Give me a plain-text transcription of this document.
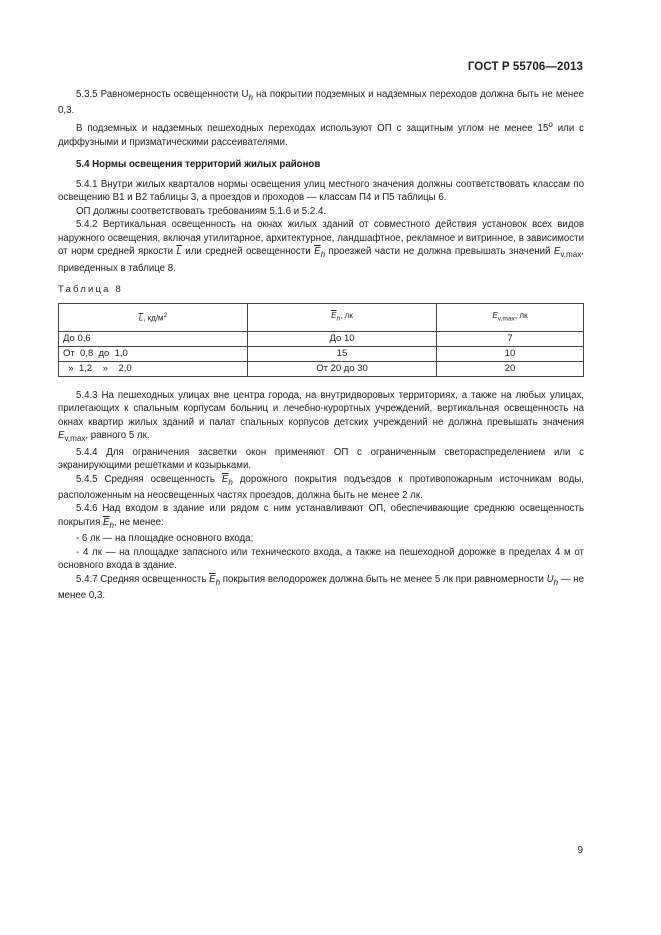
ГОСТ Р 55706—2013

5.3.5 Равномерность освещенности $U_h$ на покрытии подземных и надземных переходов должна быть не менее 0,3.

В подземных и надземных пешеходных переходах используют ОП с защитным углом не менее $15^о$ или с диффузными и призматическими рассеивателями.

5.4 Нормы освещения территорий жилых районов

5.4.1 Внутри жилых кварталов нормы освещения улиц местного значения должны соответствовать классам по освещению В1 и В2 таблицы 3, а проездов и проходов — классам П4 и П5 таблицы 6.

ОП должны соответствовать требованиям 5.1.6 и 5.2.4.

5.4.2 Вертикальная освещенность на окнах жилых зданий от совместного действия установок всех видов наружного освещения, включая утилитарное, архитектурное, ландшафтное, рекламное и витринное, в зависимости от норм средней яркости $\overline{L}$ или средней освещенности $\overline{E}_h$ проезжей части не должна превышать значений $E_{v,max}$, приведенных в таблице 8.

Таблица 8

$\overline{L}$, $кд/м^2$	$\overline{E}_h$, лк	$E_{v,max}$, лк
До 0,6	До 10	7
От  0,8  до  1,0	15	10
»  1,2    »    2,0	От 20 до 30	20

5.4.3 На пешеходных улицах вне центра города, на внутридворовых территориях, а также на любых улицах, прилегающих к спальным корпусам больниц и лечебно-курортных учреждений, вертикальная освещенность на окнах квартир жилых зданий и палат спальных корпусов детских учреждений не должна превышать значения $E_{v,max}$, равного 5 лк.

5.4.4 Для ограничения засветки окон применяют ОП с ограниченным светораспределением или с экранирующими решетками и козырьками.

5.4.5 Средняя освещенность $\overline{E}_h$ дорожного покрытия подъездов к противопожарным источникам воды, расположенным на неосвещенных частях проездов, должна быть не менее 2 лк.

5.4.6 Над входом в здание или рядом с ним устанавливают ОП, обеспечивающие среднюю освещенность покрытия $\overline{E}_h$, не менее:

- 6 лк — на площадке основного входа;

- 4 лк — на площадке запасного или технического входа, а также на пешеходной дорожке в пределах 4 м от основного входа в здание.

5.4.7 Средняя освещенность $\overline{E}_h$ покрытия велодорожек должна быть не менее 5 лк при равномерности $U_h$ — не менее 0,3.

9
